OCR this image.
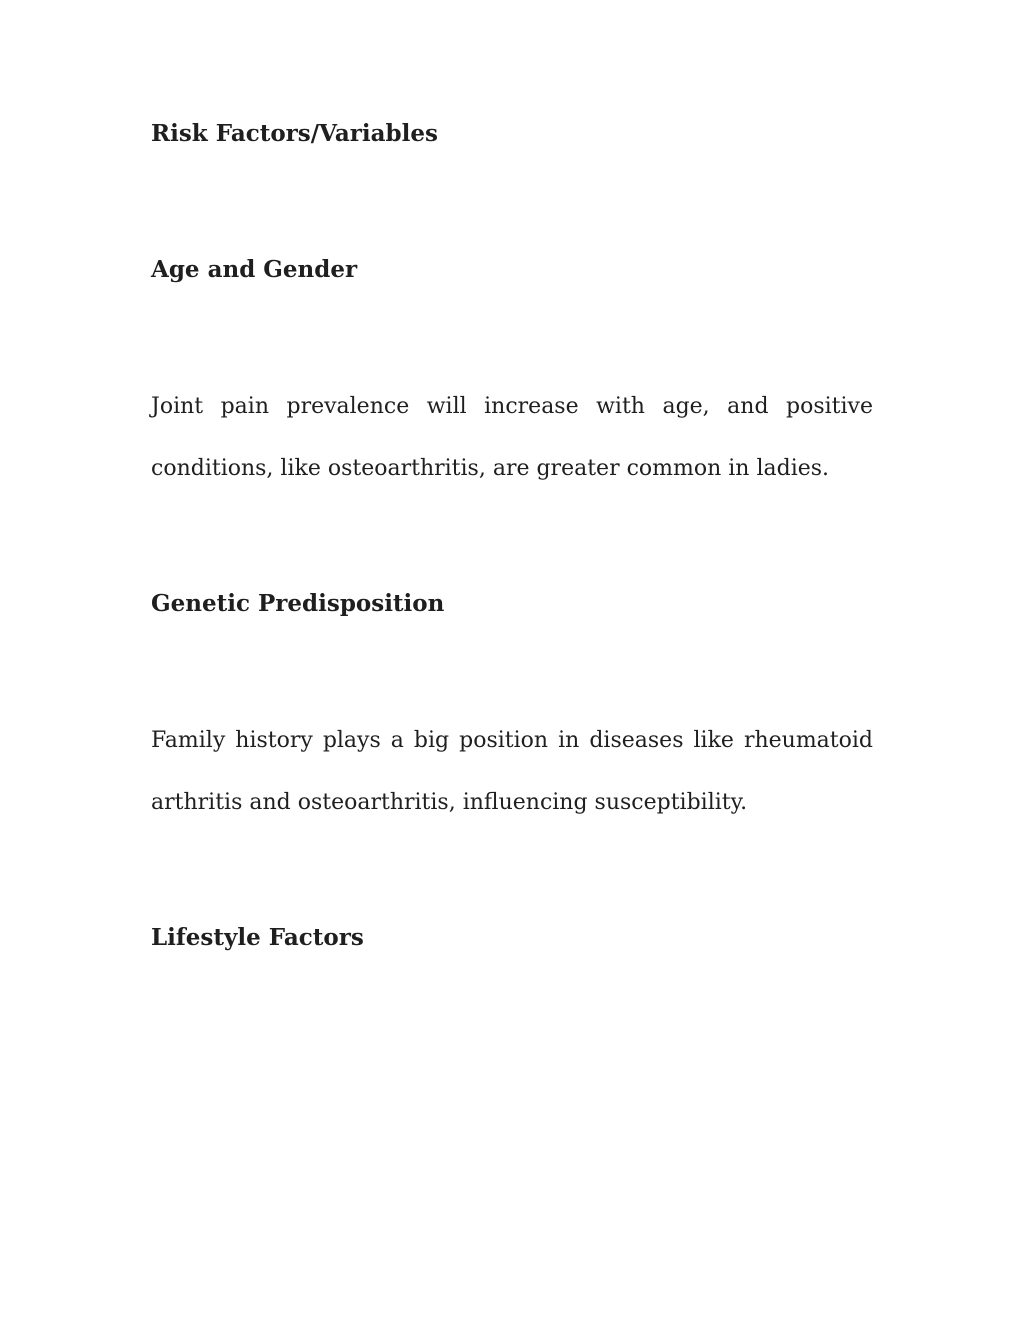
Risk Factors/Variables
Age and Gender

Joint pain prevalence will increase with age, and positive conditions, like osteoarthritis, are greater common in ladies.

Genetic Predisposition

Family history plays a big position in diseases like rheumatoid arthritis and osteoarthritis, influencing susceptibility.

Lifestyle Factors
